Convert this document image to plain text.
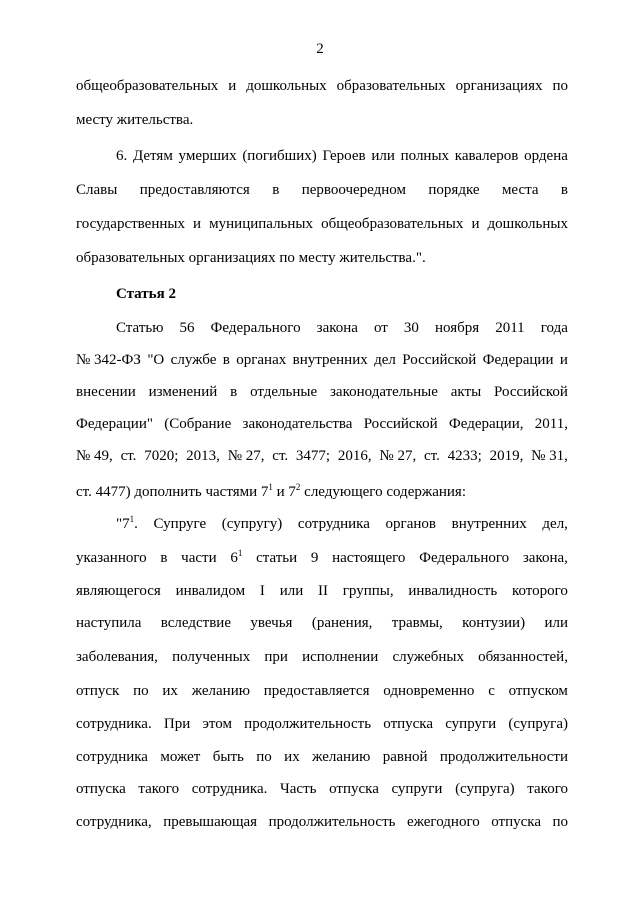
2
общеобразовательных и дошкольных образовательных организациях по
месту жительства.
6. Детям умерших (погибших) Героев или полных кавалеров ордена
Славы предоставляются в первоочередном порядке места в
государственных и муниципальных общеобразовательных и дошкольных
образовательных организациях по месту жительства.".
Статья 2
Статью 56 Федерального закона от 30 ноября 2011 года
№ 342-ФЗ "О службе в органах внутренних дел Российской Федерации и
внесении изменений в отдельные законодательные акты Российской
Федерации" (Собрание законодательства Российской Федерации, 2011,
№ 49, ст. 7020; 2013, № 27, ст. 3477; 2016, № 27, ст. 4233; 2019, № 31,
ст. 4477) дополнить частями $7^1$ и $7^2$ следующего содержания:
"$7^1$. Супруге (супругу) сотрудника органов внутренних дел,
указанного в части $6^1$ статьи 9 настоящего Федерального закона,
являющегося инвалидом I или II группы, инвалидность которого
наступила вследствие увечья (ранения, травмы, контузии) или
заболевания, полученных при исполнении служебных обязанностей,
отпуск по их желанию предоставляется одновременно с отпуском
сотрудника. При этом продолжительность отпуска супруги (супруга)
сотрудника может быть по их желанию равной продолжительности
отпуска такого сотрудника. Часть отпуска супруги (супруга) такого
сотрудника, превышающая продолжительность ежегодного отпуска по
